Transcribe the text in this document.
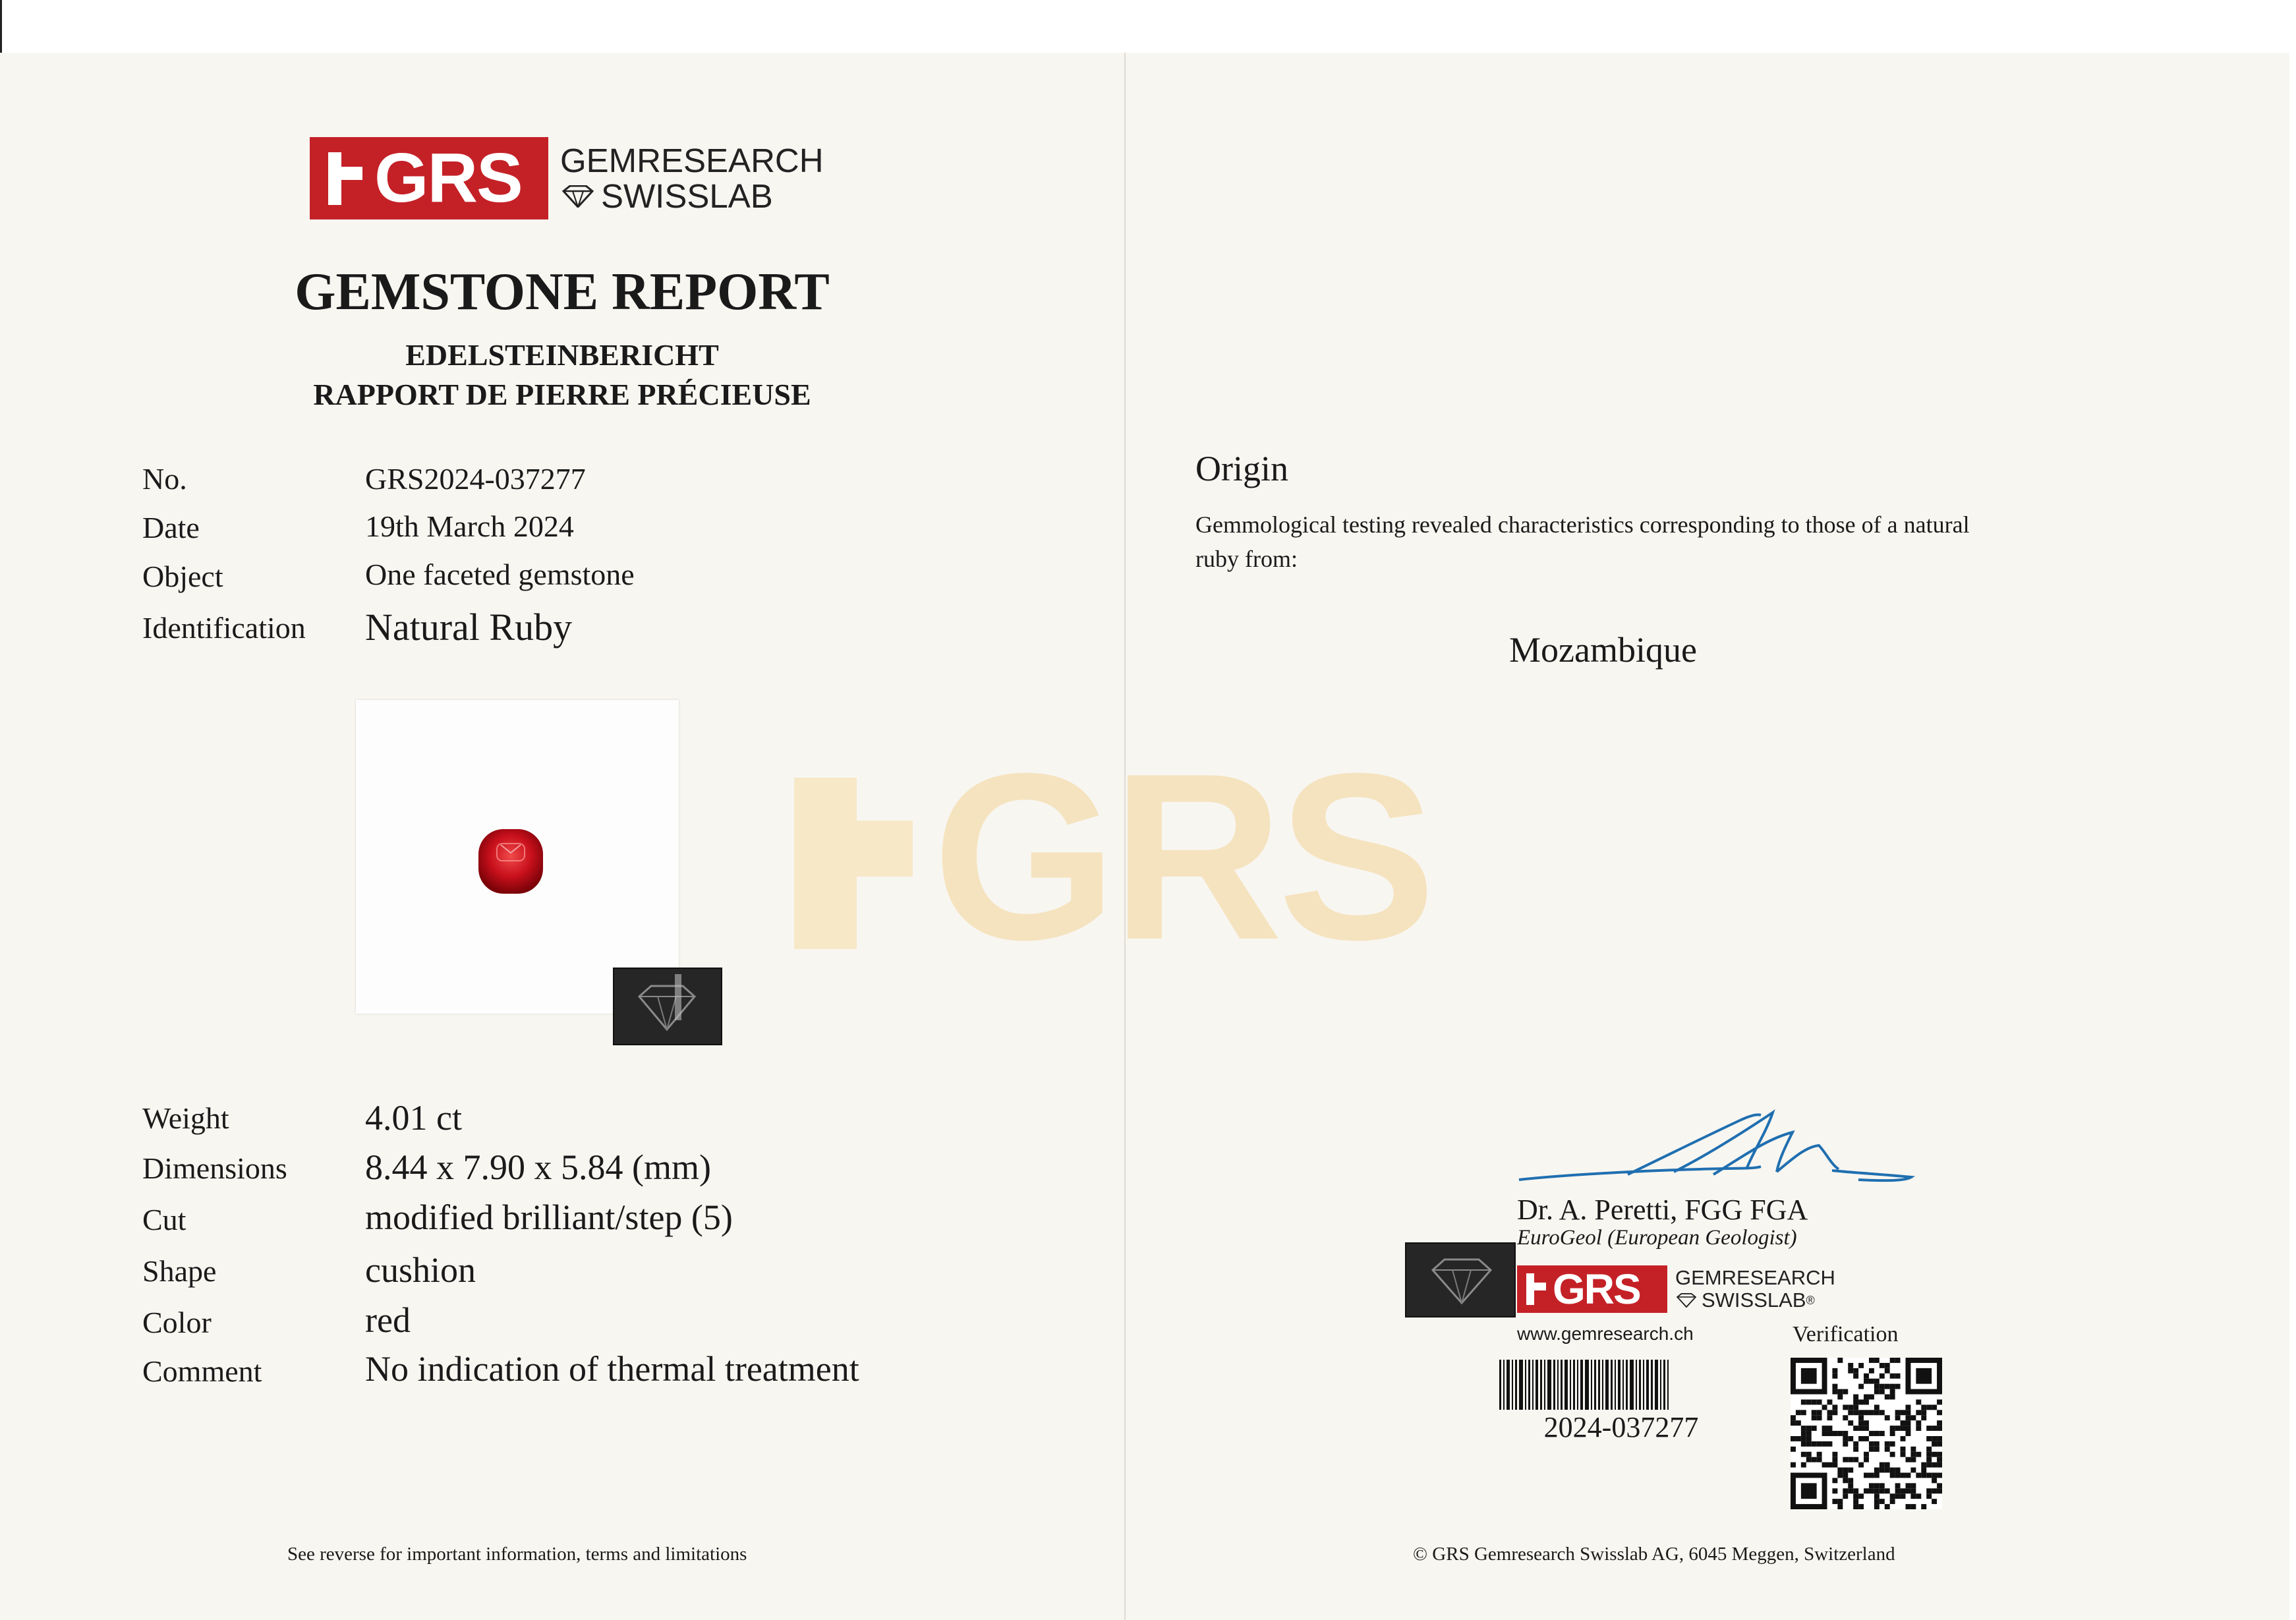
GRS
GRS GEMRESEARCH
SWISSLAB
GEMSTONE REPORT
EDELSTEINBERICHT
RAPPORT DE PIERRE PRÉCIEUSE
No.	GRS2024-037277
Date	19th March 2024
Object	One faceted gemstone
Identification Natural Ruby
Weight	4.01 ct
Dimensions 8.44 x 7.90 x 5.84 (mm)
Cut	modified brilliant/step (5)
Shape	cushion
Color	red
Comment	No indication of thermal treatment
See reverse for important information, terms and limitations
Origin
Gemmological testing revealed characteristics corresponding to those of a natural ruby from:
Mozambique
Dr. A. Peretti, FGG FGA
EuroGeol (European Geologist)
GRS GEMRESEARCH
SWISSLAB ®
www.gemresearch.ch	Verification
2024-037277
© GRS Gemresearch Swisslab AG, 6045 Meggen, Switzerland
